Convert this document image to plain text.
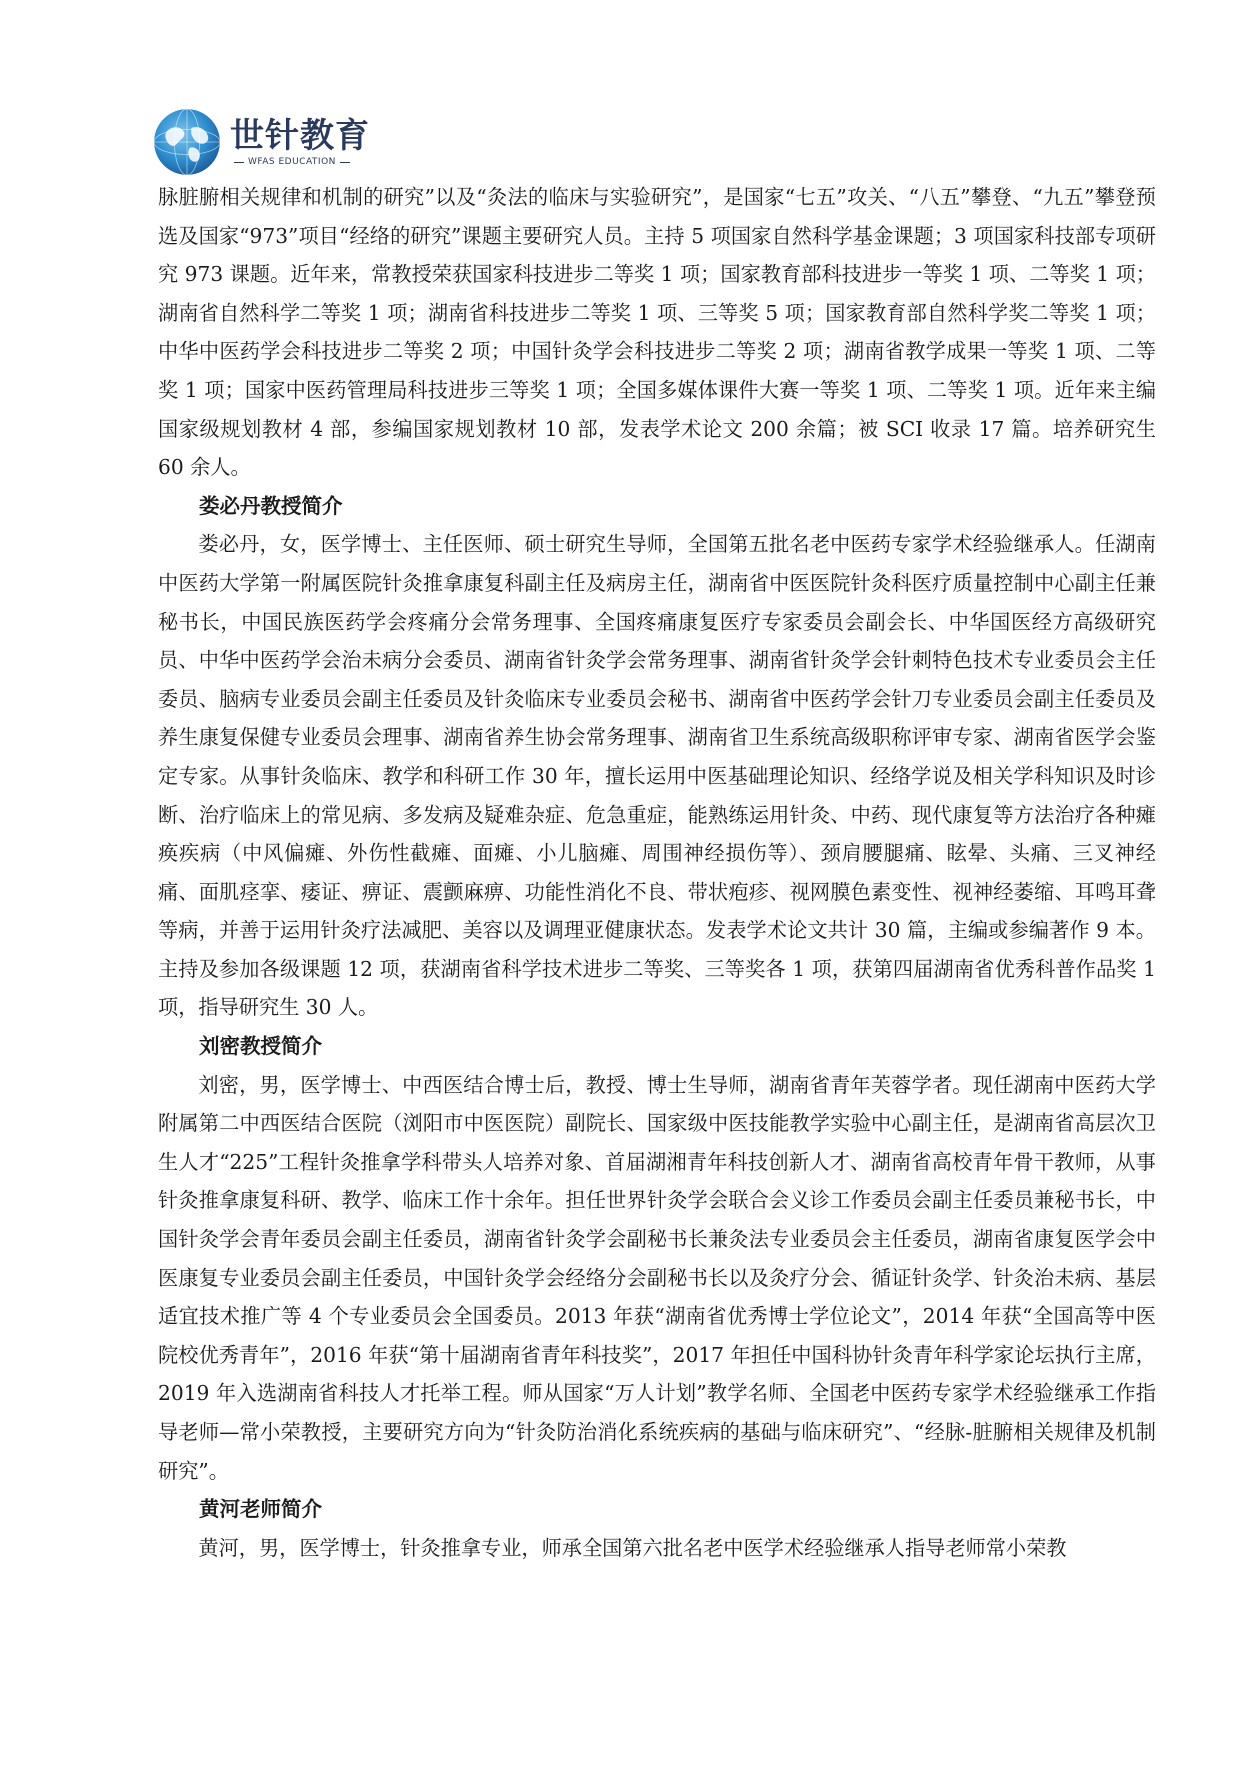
世针教育
WFAS EDUCATION

脉脏腑相关规律和机制的研究”以及“灸法的临床与实验研究”，是国家“七五”攻关、“八五”攀登、“九五”攀登预选及国家“973”项目“经络的研究”课题主要研究人员。主持 5 项国家自然科学基金课题；3 项国家科技部专项研究 973 课题。近年来，常教授荣获国家科技进步二等奖 1 项；国家教育部科技进步一等奖 1 项、二等奖 1 项；湖南省自然科学二等奖 1 项；湖南省科技进步二等奖 1 项、三等奖 5 项；国家教育部自然科学奖二等奖 1 项；中华中医药学会科技进步二等奖 2 项；中国针灸学会科技进步二等奖 2 项；湖南省教学成果一等奖 1 项、二等奖 1 项；国家中医药管理局科技进步三等奖 1 项；全国多媒体课件大赛一等奖 1 项、二等奖 1 项。近年来主编国家级规划教材 4 部，参编国家规划教材 10 部，发表学术论文 200 余篇；被 SCI 收录 17 篇。培养研究生 60 余人。

娄必丹教授简介

娄必丹，女，医学博士、主任医师、硕士研究生导师，全国第五批名老中医药专家学术经验继承人。任湖南中医药大学第一附属医院针灸推拿康复科副主任及病房主任，湖南省中医医院针灸科医疗质量控制中心副主任兼秘书长，中国民族医药学会疼痛分会常务理事、全国疼痛康复医疗专家委员会副会长、中华国医经方高级研究员、中华中医药学会治未病分会委员、湖南省针灸学会常务理事、湖南省针灸学会针刺特色技术专业委员会主任委员、脑病专业委员会副主任委员及针灸临床专业委员会秘书、湖南省中医药学会针刀专业委员会副主任委员及养生康复保健专业委员会理事、湖南省养生协会常务理事、湖南省卫生系统高级职称评审专家、湖南省医学会鉴定专家。从事针灸临床、教学和科研工作 30 年，擅长运用中医基础理论知识、经络学说及相关学科知识及时诊断、治疗临床上的常见病、多发病及疑难杂症、危急重症，能熟练运用针灸、中药、现代康复等方法治疗各种瘫痪疾病（中风偏瘫、外伤性截瘫、面瘫、小儿脑瘫、周围神经损伤等）、颈肩腰腿痛、眩晕、头痛、三叉神经痛、面肌痉挛、痿证、痹证、震颤麻痹、功能性消化不良、带状疱疹、视网膜色素变性、视神经萎缩、耳鸣耳聋等病，并善于运用针灸疗法减肥、美容以及调理亚健康状态。发表学术论文共计 30 篇，主编或参编著作 9 本。主持及参加各级课题 12 项，获湖南省科学技术进步二等奖、三等奖各 1 项，获第四届湖南省优秀科普作品奖 1 项，指导研究生 30 人。

刘密教授简介

刘密，男，医学博士、中西医结合博士后，教授、博士生导师，湖南省青年芙蓉学者。现任湖南中医药大学附属第二中西医结合医院（浏阳市中医医院）副院长、国家级中医技能教学实验中心副主任，是湖南省高层次卫生人才“225”工程针灸推拿学科带头人培养对象、首届湖湘青年科技创新人才、湖南省高校青年骨干教师，从事针灸推拿康复科研、教学、临床工作十余年。担任世界针灸学会联合会义诊工作委员会副主任委员兼秘书长，中国针灸学会青年委员会副主任委员，湖南省针灸学会副秘书长兼灸法专业委员会主任委员，湖南省康复医学会中医康复专业委员会副主任委员，中国针灸学会经络分会副秘书长以及灸疗分会、循证针灸学、针灸治未病、基层适宜技术推广等 4 个专业委员会全国委员。2013 年获“湖南省优秀博士学位论文”，2014 年获“全国高等中医院校优秀青年”，2016 年获“第十届湖南省青年科技奖”，2017 年担任中国科协针灸青年科学家论坛执行主席，2019 年入选湖南省科技人才托举工程。师从国家“万人计划”教学名师、全国老中医药专家学术经验继承工作指导老师—常小荣教授，主要研究方向为“针灸防治消化系统疾病的基础与临床研究”、“经脉-脏腑相关规律及机制研究”。

黄河老师简介

黄河，男，医学博士，针灸推拿专业，师承全国第六批名老中医学术经验继承人指导老师常小荣教
